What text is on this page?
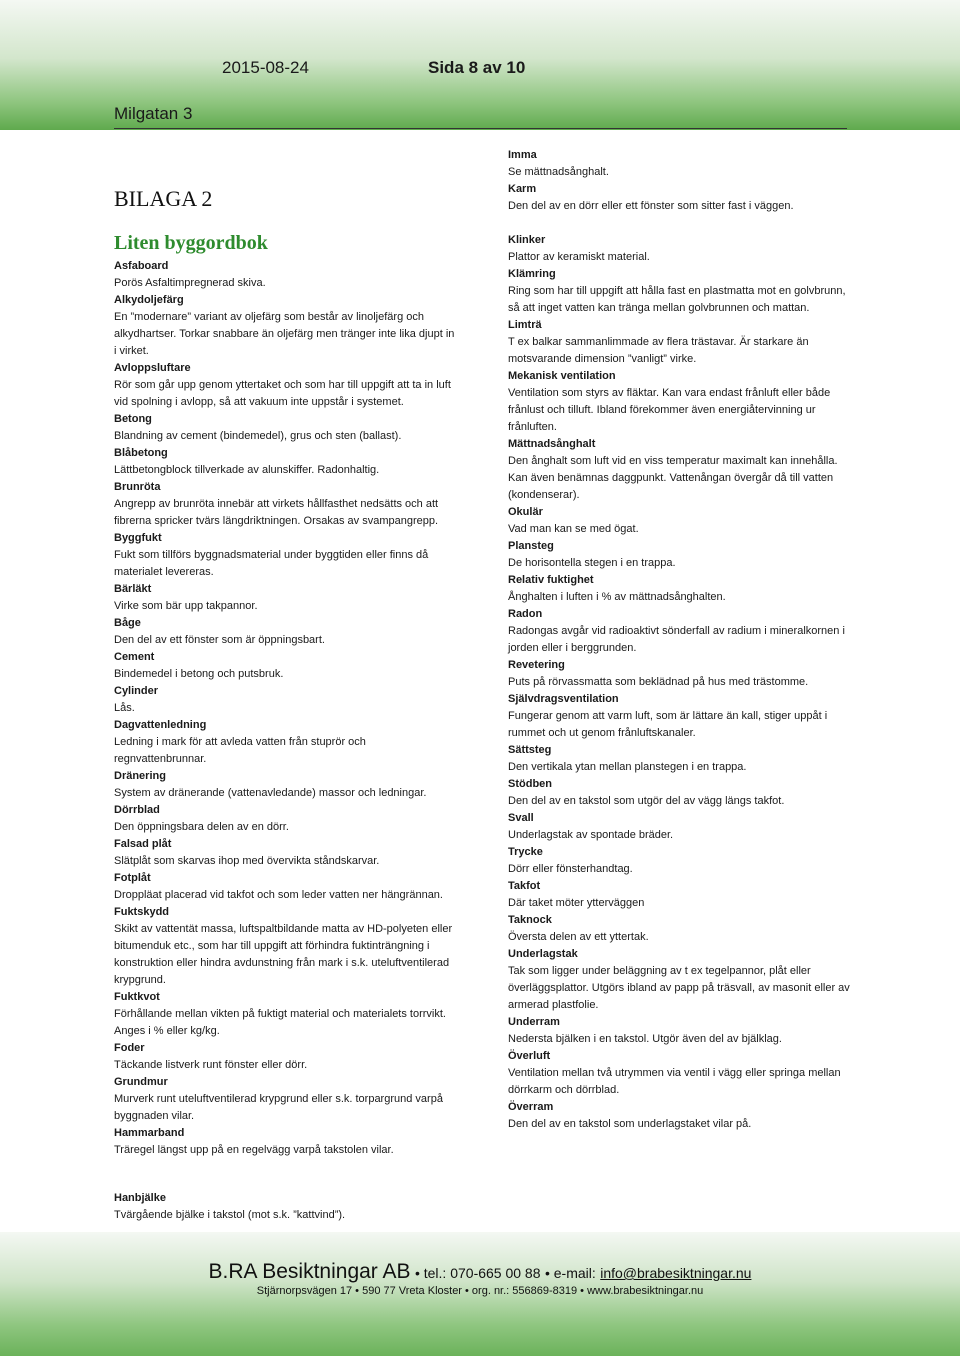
2015-08-24	Sida 8 av 10
Milgatan 3
BILAGA 2
Liten byggordbok
Asfaboard
Porös Asfaltimpregnerad skiva.
Alkydoljefärg
En ”modernare” variant av oljefärg som består av linoljefärg och alkydhartser. Torkar snabbare än oljefärg men tränger inte lika djupt in i virket.
Avloppsluftare
Rör som går upp genom yttertaket och som har till uppgift att ta in luft vid spolning i avlopp, så att vakuum inte uppstår i systemet.
Betong
Blandning av cement (bindemedel), grus och sten (ballast).
Blåbetong
Lättbetongblock tillverkade av alunskiffer. Radonhaltig.
Brunröta
Angrepp av brunröta innebär att virkets hållfasthet nedsätts och att fibrerna spricker tvärs längdriktningen. Orsakas av svampangrepp.
Byggfukt
Fukt som tillförs byggnadsmaterial under byggtiden eller finns då materialet levereras.
Bärläkt
Virke som bär upp takpannor.
Båge
Den del av ett fönster som är öppningsbart.
Cement
Bindemedel i betong och putsbruk.
Cylinder
Lås.
Dagvattenledning
Ledning i mark för att avleda vatten från stuprör och regnvattenbrunnar.
Dränering
System av dränerande (vattenavledande) massor och ledningar.
Dörrblad
Den öppningsbara delen av en dörr.
Falsad plåt
Slätplåt som skarvas ihop med övervikta ståndskarvar.
Fotplåt
Droppläat placerad vid takfot och som leder vatten ner hängrännan.
Fuktskydd
Skikt av vattentät massa, luftspaltbildande matta av HD-polyeten eller bitumenduk etc., som har till uppgift att förhindra fuktinträngning i konstruktion eller hindra avdunstning från mark i s.k. uteluftventilerad krypgrund.
Fuktkvot
Förhållande mellan vikten på fuktigt material och materialets torrvikt. Anges i % eller kg/kg.
Foder
Täckande listverk runt fönster eller dörr.
Grundmur
Murverk runt uteluftventilerad krypgrund eller s.k. torpargrund varpå byggnaden vilar.
Hammarband
Träregel längst upp på en regelvägg varpå takstolen vilar.
Imma
Se mättnadsånghalt.
Karm
Den del av en dörr eller ett fönster som sitter fast i väggen.
Klinker
Plattor av keramiskt material.
Klämring
Ring som har till uppgift att hålla fast en plastmatta mot en golvbrunn, så att inget vatten kan tränga mellan golvbrunnen och mattan.
Limträ
T ex balkar sammanlimmade av flera trästavar. Är starkare än motsvarande dimension ”vanligt” virke.
Mekanisk ventilation
Ventilation som styrs av fläktar. Kan vara endast frånluft eller både frånlust och tilluft. Ibland förekommer även energiåtervinning ur frånluften.
Mättnadsånghalt
Den ånghalt som luft vid en viss temperatur maximalt kan innehålla. Kan även benämnas daggpunkt. Vattenångan övergår då till vatten (kondenserar).
Okulär
Vad man kan se med ögat.
Plansteg
De horisontella stegen i en trappa.
Relativ fuktighet
Ånghalten i luften i % av mättnadsånghalten.
Radon
Radongas avgår vid radioaktivt sönderfall av radium i mineralkornen i jorden eller i berggrunden.
Revetering
Puts på rörvassmatta som beklädnad på hus med trästomme.
Självdragsventilation
Fungerar genom att varm luft, som är lättare än kall, stiger uppåt i rummet och ut genom frånluftskanaler.
Sättsteg
Den vertikala ytan mellan planstegen i en trappa.
Stödben
Den del av en takstol som utgör del av vägg längs takfot.
Svall
Underlagstak av spontade bräder.
Trycke
Dörr eller fönsterhandtag.
Takfot
Där taket möter ytterväggen
Taknock
Översta delen av ett yttertak.
Underlagstak
Tak som ligger under beläggning av t ex tegelpannor, plåt eller överläggsplattor. Utgörs ibland av papp på träsvall, av masonit eller av armerad plastfolie.
Underram
Nedersta bjälken i en takstol. Utgör även del av bjälklag.
Överluft
Ventilation mellan två utrymmen via ventil i vägg eller springa mellan dörrkarm och dörrblad.
Överram
Den del av en takstol som underlagstaket vilar på.
Hanbjälke
Tvärgående bjälke i takstol (mot s.k. ”kattvind”).
B.RA Besiktningar AB • tel.: 070-665 00 88 • e-mail: info@brabesiktningar.nu
Stjärnorpsvägen 17 • 590 77 Vreta Kloster • org. nr.: 556869-8319 • www.brabesiktningar.nu
